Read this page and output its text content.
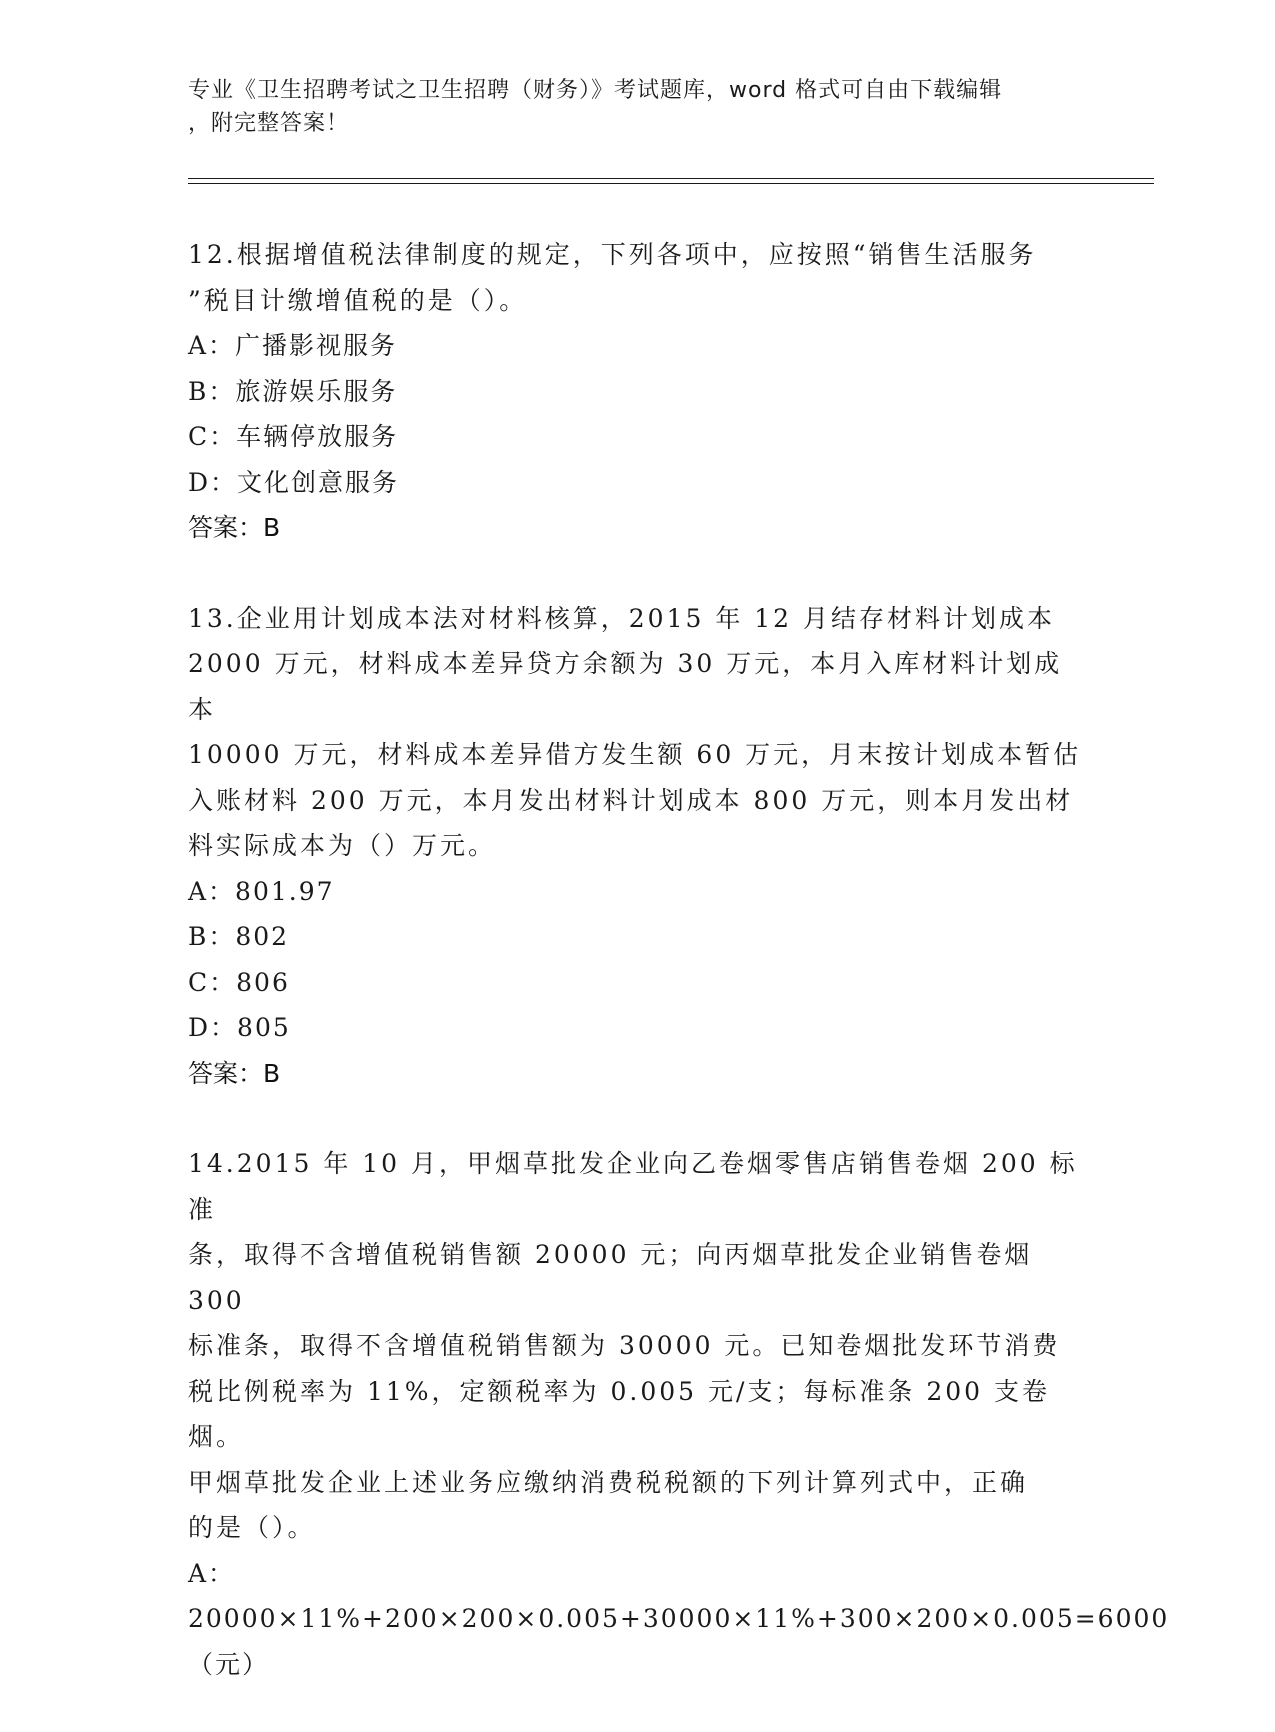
专业《卫生招聘考试之卫生招聘（财务）》考试题库，word 格式可自由下载编辑
，附完整答案！
12.根据增值税法律制度的规定，下列各项中，应按照“销售生活服务
”税目计缴增值税的是（）。
A：广播影视服务
B：旅游娱乐服务
C：车辆停放服务
D：文化创意服务
答案：B
13.企业用计划成本法对材料核算，2015 年 12 月结存材料计划成本
2000 万元，材料成本差异贷方余额为 30 万元，本月入库材料计划成本
10000 万元，材料成本差异借方发生额 60 万元，月末按计划成本暂估
入账材料 200 万元，本月发出材料计划成本 800 万元，则本月发出材
料实际成本为（）万元。
A：801.97
B：802
C：806
D：805
答案：B
14.2015 年 10 月，甲烟草批发企业向乙卷烟零售店销售卷烟 200 标准
条，取得不含增值税销售额 20000 元；向丙烟草批发企业销售卷烟 300
标准条，取得不含增值税销售额为 30000 元。已知卷烟批发环节消费
税比例税率为 11%，定额税率为 0.005 元/支；每标准条 200 支卷烟。
甲烟草批发企业上述业务应缴纳消费税税额的下列计算列式中，正确
的是（）。
A：20000×11%+200×200×0.005+30000×11%+300×200×0.005=6000
（元）
